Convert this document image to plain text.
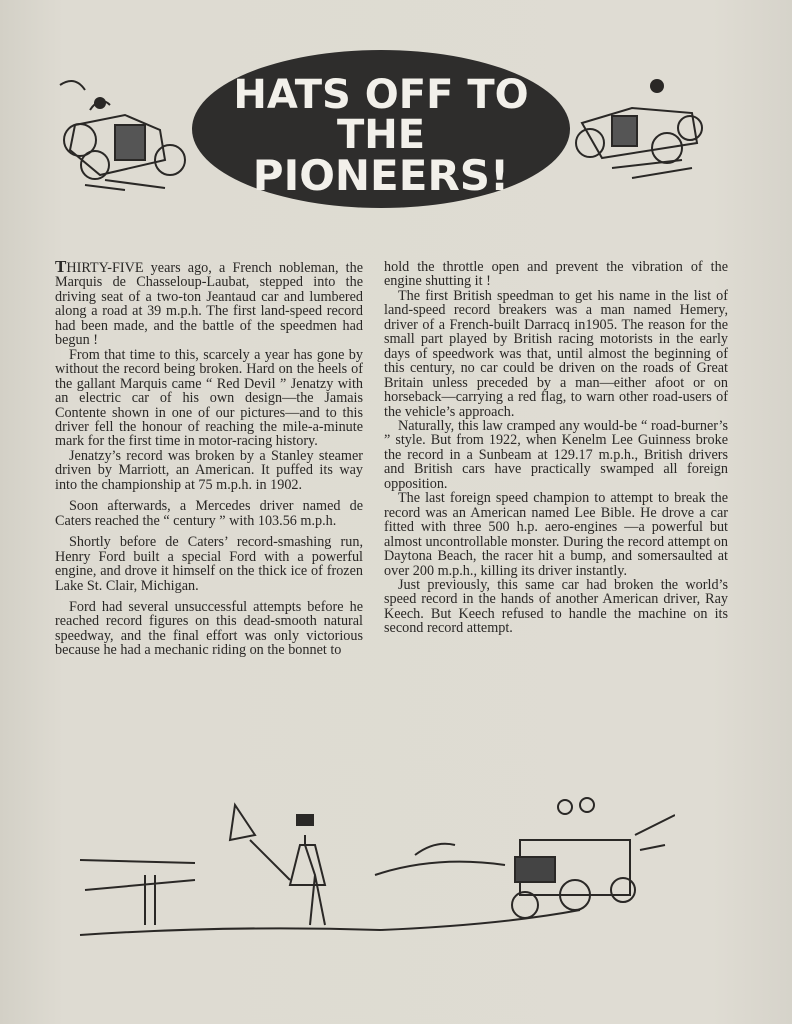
HATS OFF TO
THE
PIONEERS!

THIRTY-FIVE years ago, a French nobleman, the Marquis de Chasseloup-Laubat, stepped into the driving seat of a two-ton Jeantaud car and lumbered along a road at 39 m.p.h. The first land-speed record had been made, and the battle of the speedmen had begun !

From that time to this, scarcely a year has gone by without the record being broken. Hard on the heels of the gallant Marquis came “ Red Devil ” Jenatzy with an electric car of his own design—the Jamais Contente shown in one of our pictures—and to this driver fell the honour of reaching the mile-a-minute mark for the first time in motor-racing history.

Jenatzy’s record was broken by a Stanley steamer driven by Marriott, an American. It puffed its way into the championship at 75 m.p.h. in 1902.

Soon afterwards, a Mercedes driver named de Caters reached the “ century ” with 103.56 m.p.h.

Shortly before de Caters’ record-smashing run, Henry Ford built a special Ford with a powerful engine, and drove it himself on the thick ice of frozen Lake St. Clair, Michigan.

Ford had several unsuccessful attempts before he reached record figures on this dead-smooth natural speedway, and the final effort was only victorious because he had a mechanic riding on the bonnet to

hold the throttle open and prevent the vibration of the engine shutting it !

The first British speedman to get his name in the list of land-speed record breakers was a man named Hemery, driver of a French-built Darracq in1905. The reason for the small part played by British racing motorists in the early days of speedwork was that, until almost the beginning of this century, no car could be driven on the roads of Great Britain unless preceded by a man—either afoot or on horseback—carrying a red flag, to warn other road-users of the vehicle’s approach.

Naturally, this law cramped any would-be “ road-burner’s ” style. But from 1922, when Kenelm Lee Guinness broke the record in a Sunbeam at 129.17 m.p.h., British drivers and British cars have practically swamped all foreign opposition.

The last foreign speed champion to attempt to break the record was an American named Lee Bible. He drove a car fitted with three 500 h.p. aero-engines —a powerful but almost uncontrollable monster. During the record attempt on Daytona Beach, the racer hit a bump, and somersaulted at over 200 m.p.h., killing its driver instantly.

Just previously, this same car had broken the world’s speed record in the hands of another American driver, Ray Keech. But Keech refused to handle the machine on its second record attempt.
